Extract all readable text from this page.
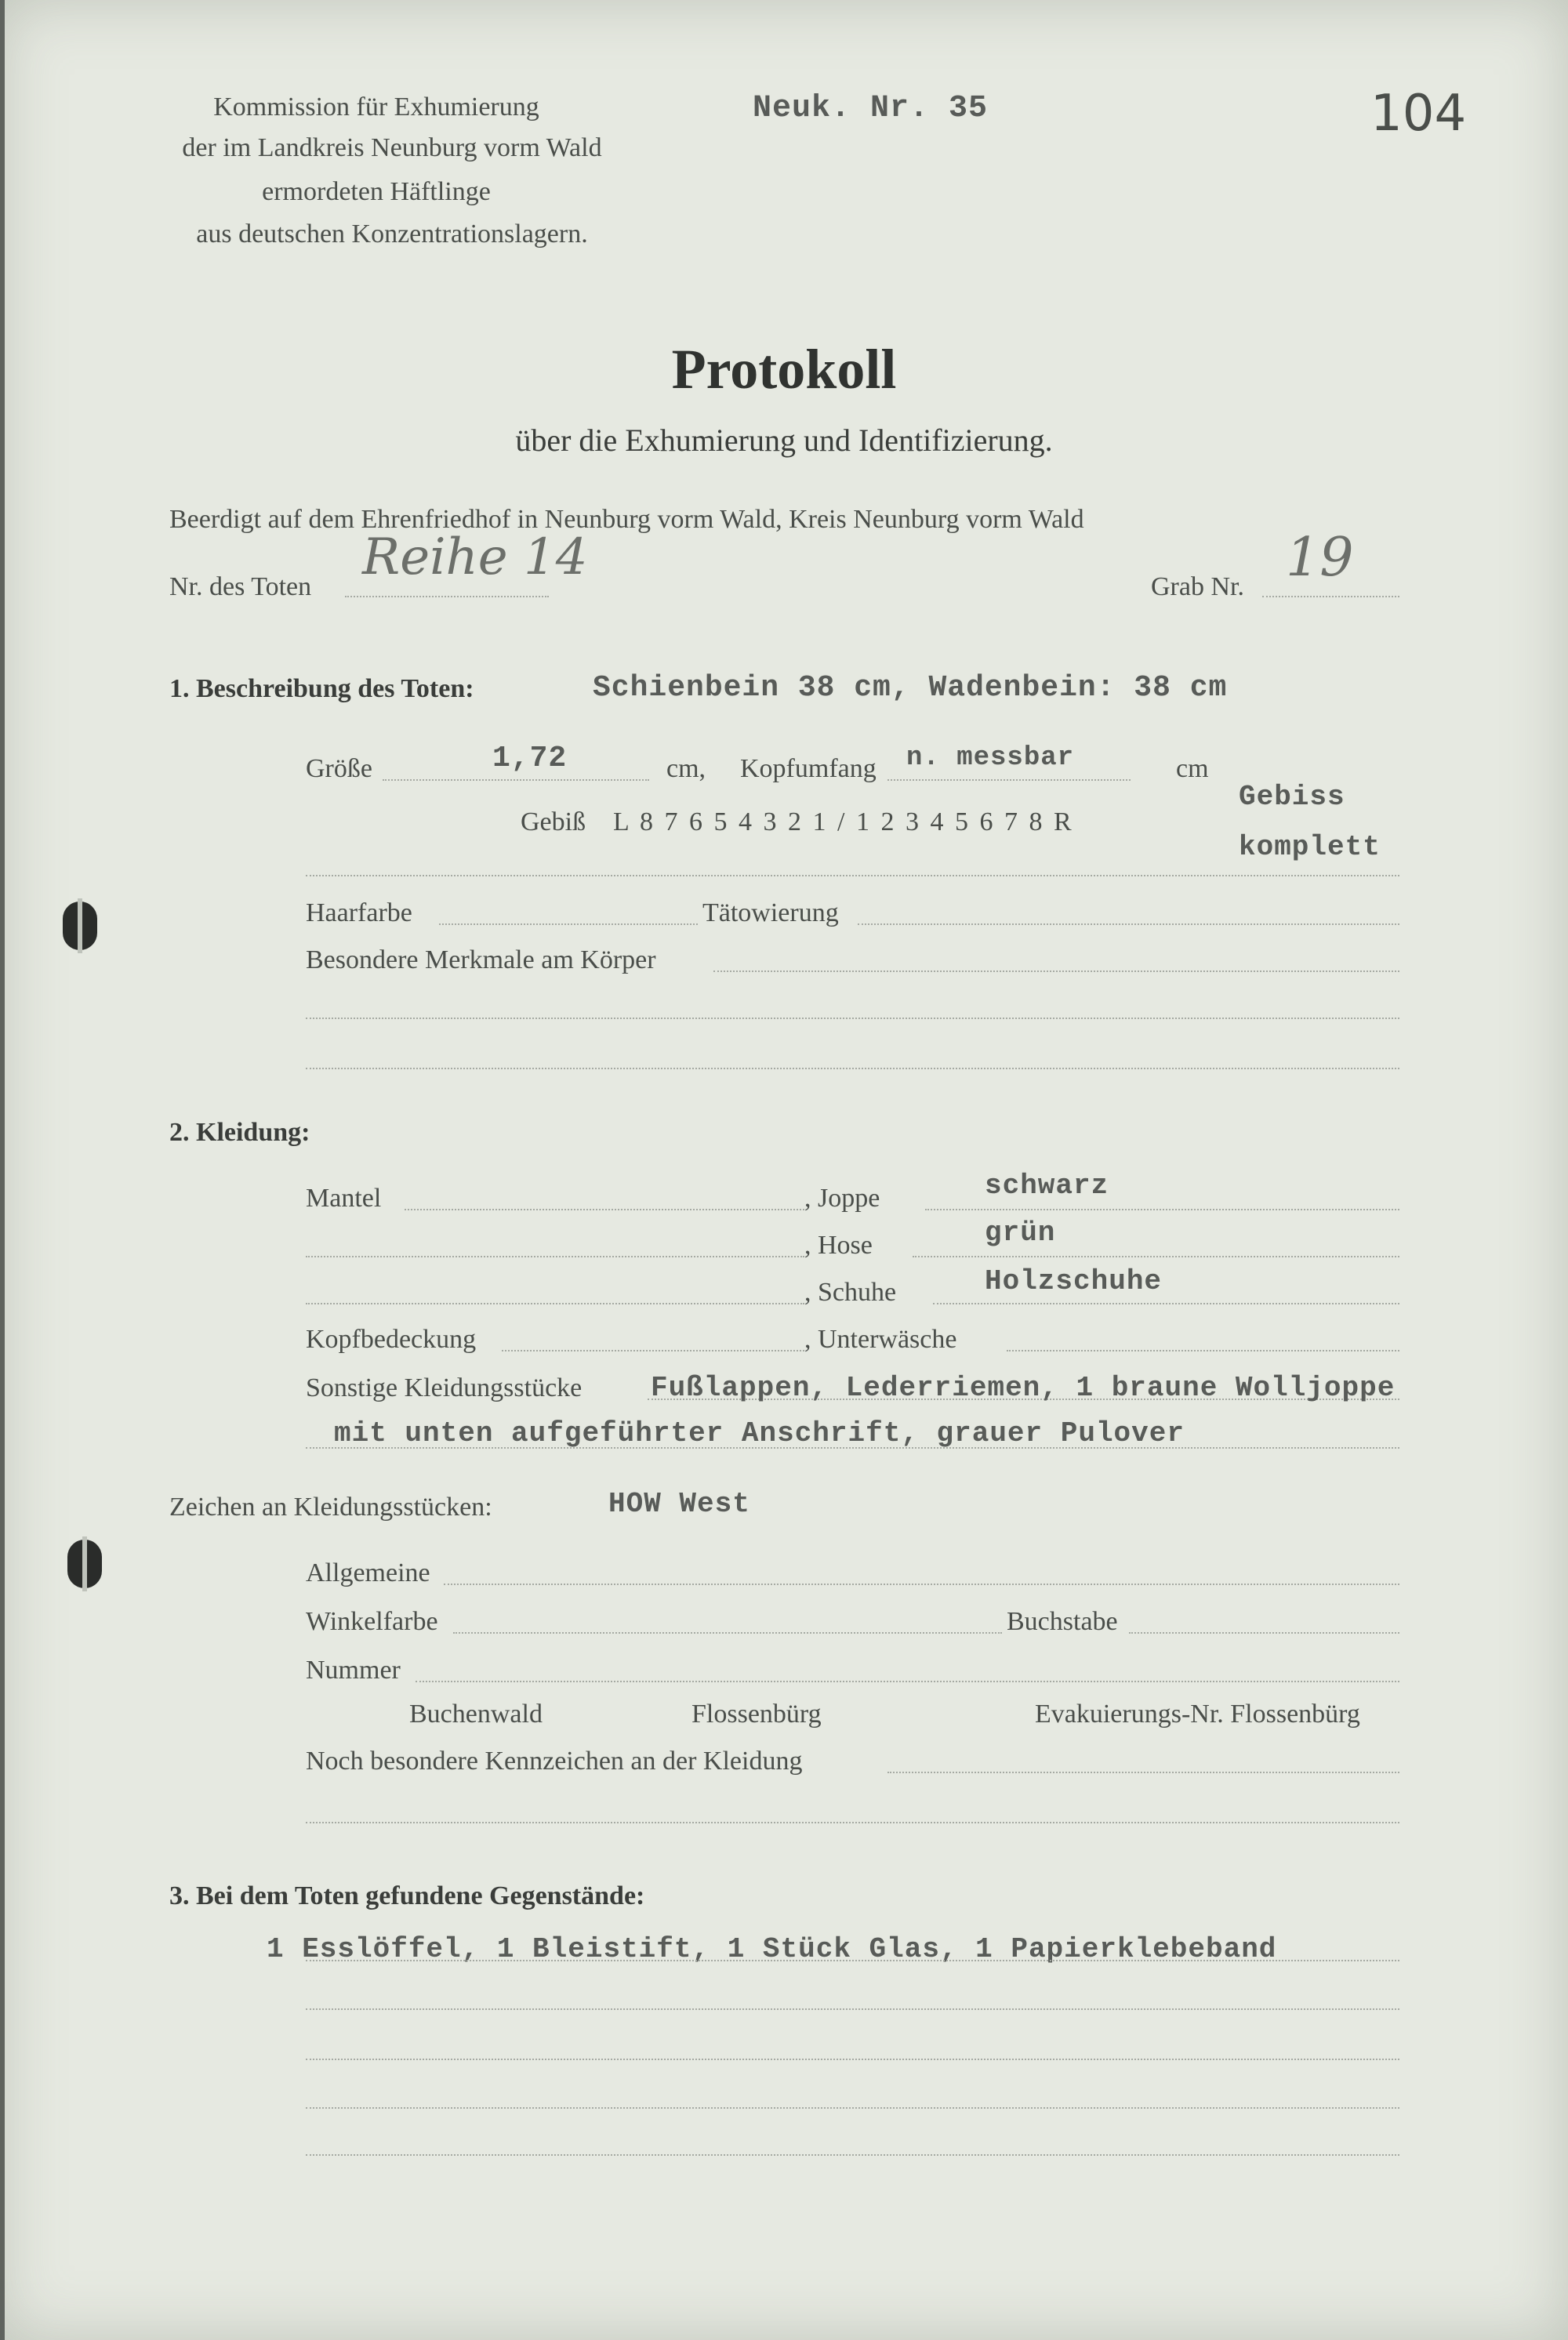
Kommission für Exhumierung
der im Landkreis Neunburg vorm Wald
ermordeten Häftlinge
aus deutschen Konzentrationslagern.
Neuk. Nr. 35	104
Protokoll
über die Exhumierung und Identifizierung.
Beerdigt auf dem Ehrenfriedhof in Neunburg vorm Wald, Kreis Neunburg vorm Wald
Nr. des Toten
Reihe 14
Grab Nr. 19
1. Beschreibung des Toten:	Schienbein 38 cm, Wadenbein: 38 cm
Größe	1,72	cm, Kopfumfang n. messbar	cm
Gebiss
komplett
Gebiß L 8 7 6 5 4 3 2 1 / 1 2 3 4 5 6 7 8 R
Haarfarbe	Tätowierung
Besondere Merkmale am Körper
2. Kleidung:
Mantel	, Joppe	schwarz
, Hose	grün
, Schuhe	Holzschuhe
Kopfbedeckung	, Unterwäsche
Sonstige Kleidungsstücke Fußlappen, Lederriemen, 1 braune Wolljoppe
mit unten aufgeführter Anschrift, grauer Pulover
Zeichen an Kleidungsstücken:	HOW West
Allgemeine
Winkelfarbe	Buchstabe
Nummer
Buchenwald	Flossenbürg	Evakuierungs-Nr. Flossenbürg
Noch besondere Kennzeichen an der Kleidung
3. Bei dem Toten gefundene Gegenstände:
1 Esslöffel, 1 Bleistift, 1 Stück Glas, 1 Papierklebeband
